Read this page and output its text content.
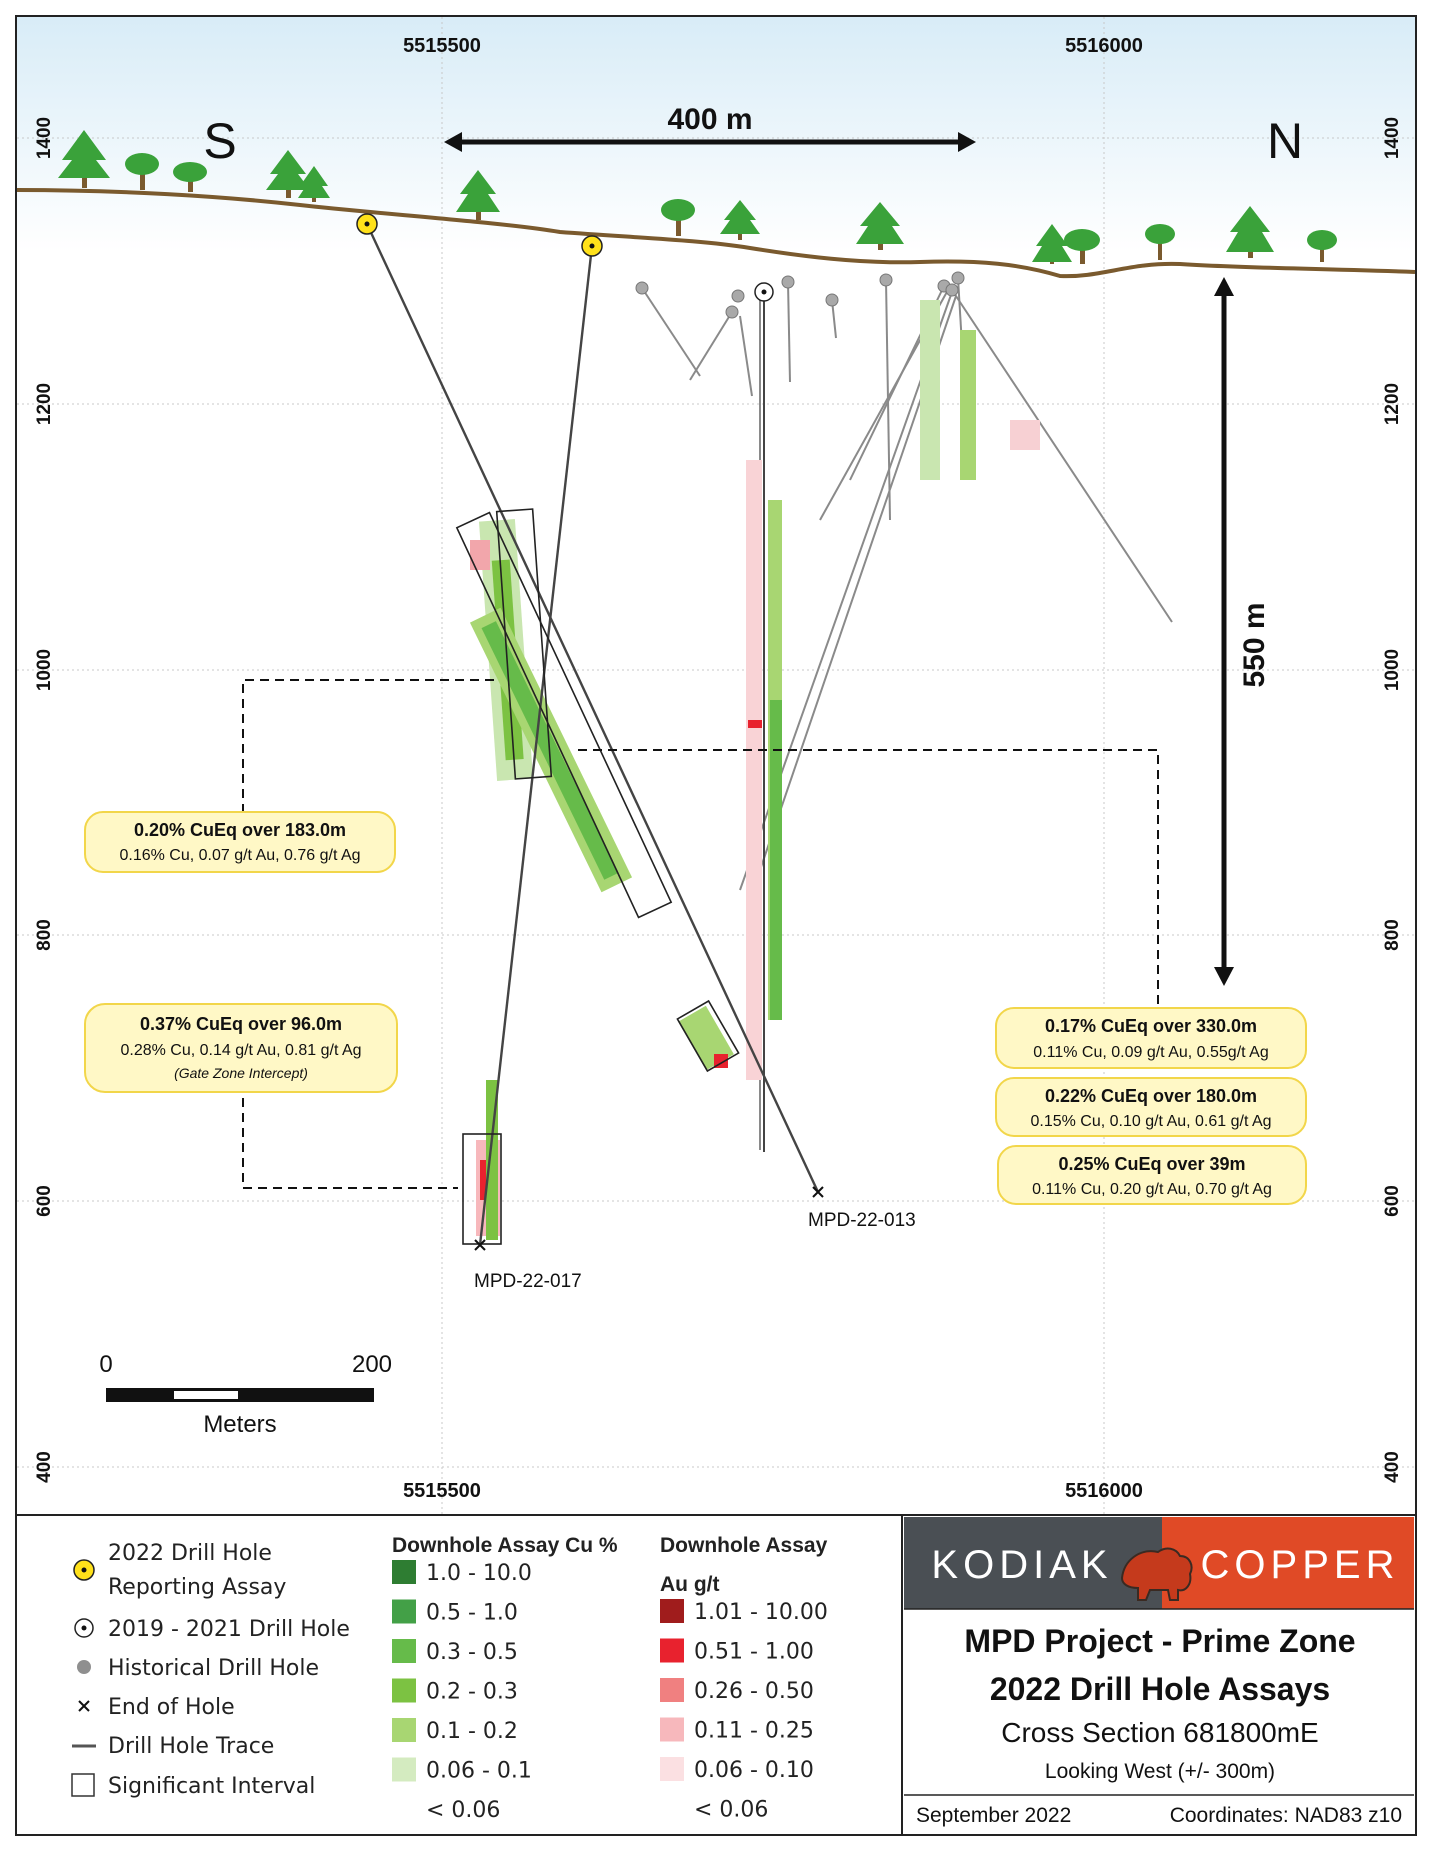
5515500	5516000
5515500	5516000
1400
1200
1000
800
600
400
1400
1200
1000
800
600
400
S	N
400 m
550 m
MPD-22-013
MPD-22-017
0.20% CuEq over 183.0m
0.16% Cu, 0.07 g/t Au, 0.76 g/t Ag
0.37% CuEq over 96.0m
0.28% Cu, 0.14 g/t Au, 0.81 g/t Ag
(Gate Zone Intercept)
0.17% CuEq over 330.0m
0.11% Cu, 0.09 g/t Au, 0.55g/t Ag
0.22% CuEq over 180.0m
0.15% Cu, 0.10 g/t Au, 0.61 g/t Ag
0.25% CuEq over 39m
0.11% Cu, 0.20 g/t Au, 0.70 g/t Ag
0	200
Meters
2022 Drill Hole
Reporting Assay
2019 - 2021 Drill Hole
Historical Drill Hole
End of Hole
Drill Hole Trace
Significant Interval
Downhole Assay Cu %
1.0 - 10.0
0.5 - 1.0
0.3 - 0.5
0.2 - 0.3
0.1 - 0.2
0.06 - 0.1
< 0.06
Downhole Assay
Au g/t
1.01 - 10.00
0.51 - 1.00
0.26 - 0.50
0.11 - 0.25
0.06 - 0.10
< 0.06
KODIAK COPPER
MPD Project - Prime Zone
2022 Drill Hole Assays
Cross Section 681800mE
Looking West (+/- 300m)
September 2022	Coordinates: NAD83 z10
